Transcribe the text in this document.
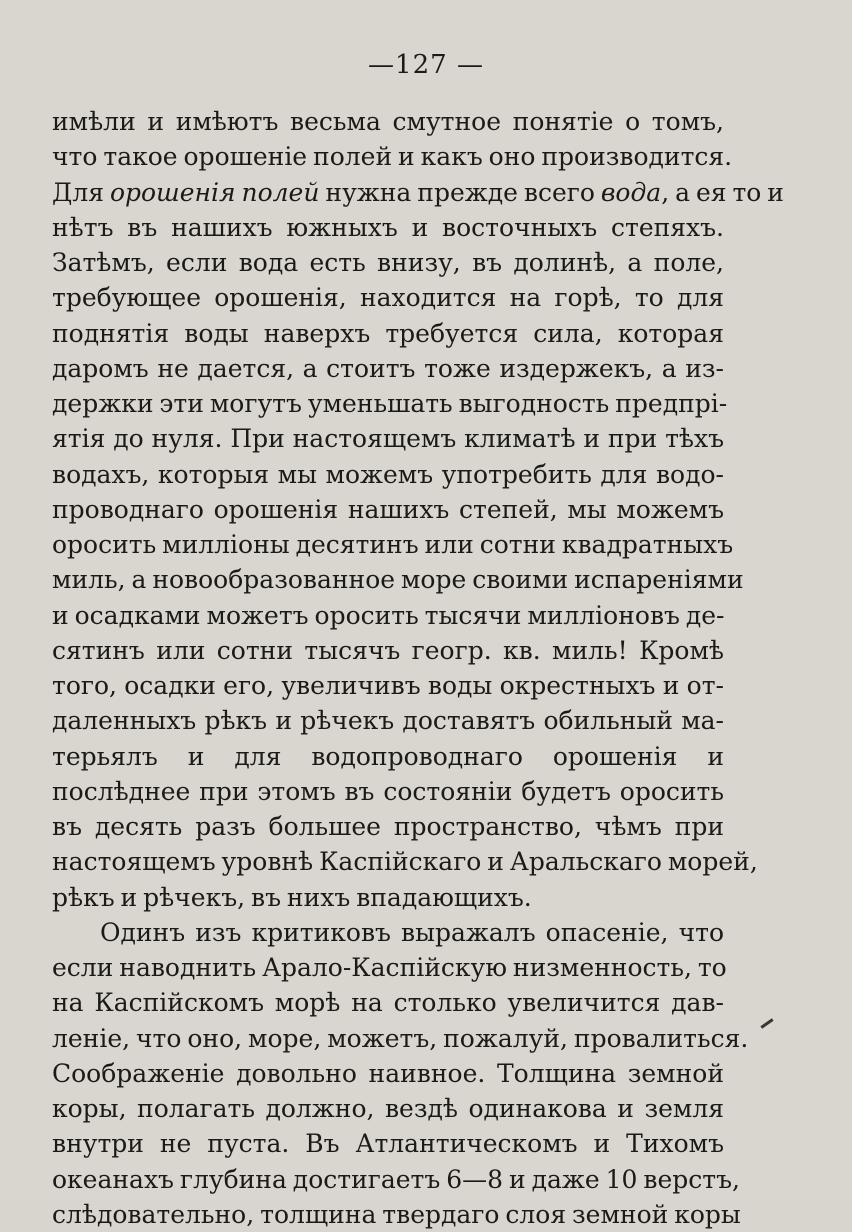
—127 —
имѣли и имѣютъ весьма смутное понятіе о томъ,
что такое орошеніе полей и какъ оно производится.
Для орошенія полей нужна прежде всего вода, а ея то и
нѣтъ въ нашихъ южныхъ и восточныхъ степяхъ.
Затѣмъ, если вода есть внизу, въ долинѣ, а поле,
требующее орошенія, находится на горѣ, то для
поднятія воды наверхъ требуется сила, которая
даромъ не дается, а стоитъ тоже издержекъ, а из-
держки эти могутъ уменьшать выгодность предпрі-
ятія до нуля. При настоящемъ климатѣ и при тѣхъ
водахъ, которыя мы можемъ употребить для водо-
проводнаго орошенія нашихъ степей, мы можемъ
оросить милліоны десятинъ или сотни квадратныхъ
миль, а новообразованное море своими испареніями
и осадками можетъ оросить тысячи милліоновъ де-
сятинъ или сотни тысячъ геогр. кв. миль! Кромѣ
того, осадки его, увеличивъ воды окрестныхъ и от-
даленныхъ рѣкъ и рѣчекъ доставятъ обильный ма-
терьялъ и для водопроводнаго орошенія и
послѣднее при этомъ въ состояніи будетъ оросить
въ десять разъ большее пространство, чѣмъ при
настоящемъ уровнѣ Каспійскаго и Аральскаго морей,
рѣкъ и рѣчекъ, въ нихъ впадающихъ.
Одинъ изъ критиковъ выражалъ опасеніе, что
если наводнить Арало-Каспійскую низменность, то
на Каспійскомъ морѣ на столько увеличится дав-
леніе, что оно, море, можетъ, пожалуй, провалиться.
Соображеніе довольно наивное. Толщина земной
коры, полагать должно, вездѣ одинакова и земля
внутри не пуста. Въ Атлантическомъ и Тихомъ
океанахъ глубина достигаетъ 6—8 и даже 10 верстъ,
слѣдовательно, толщина твердаго слоя земной коры
